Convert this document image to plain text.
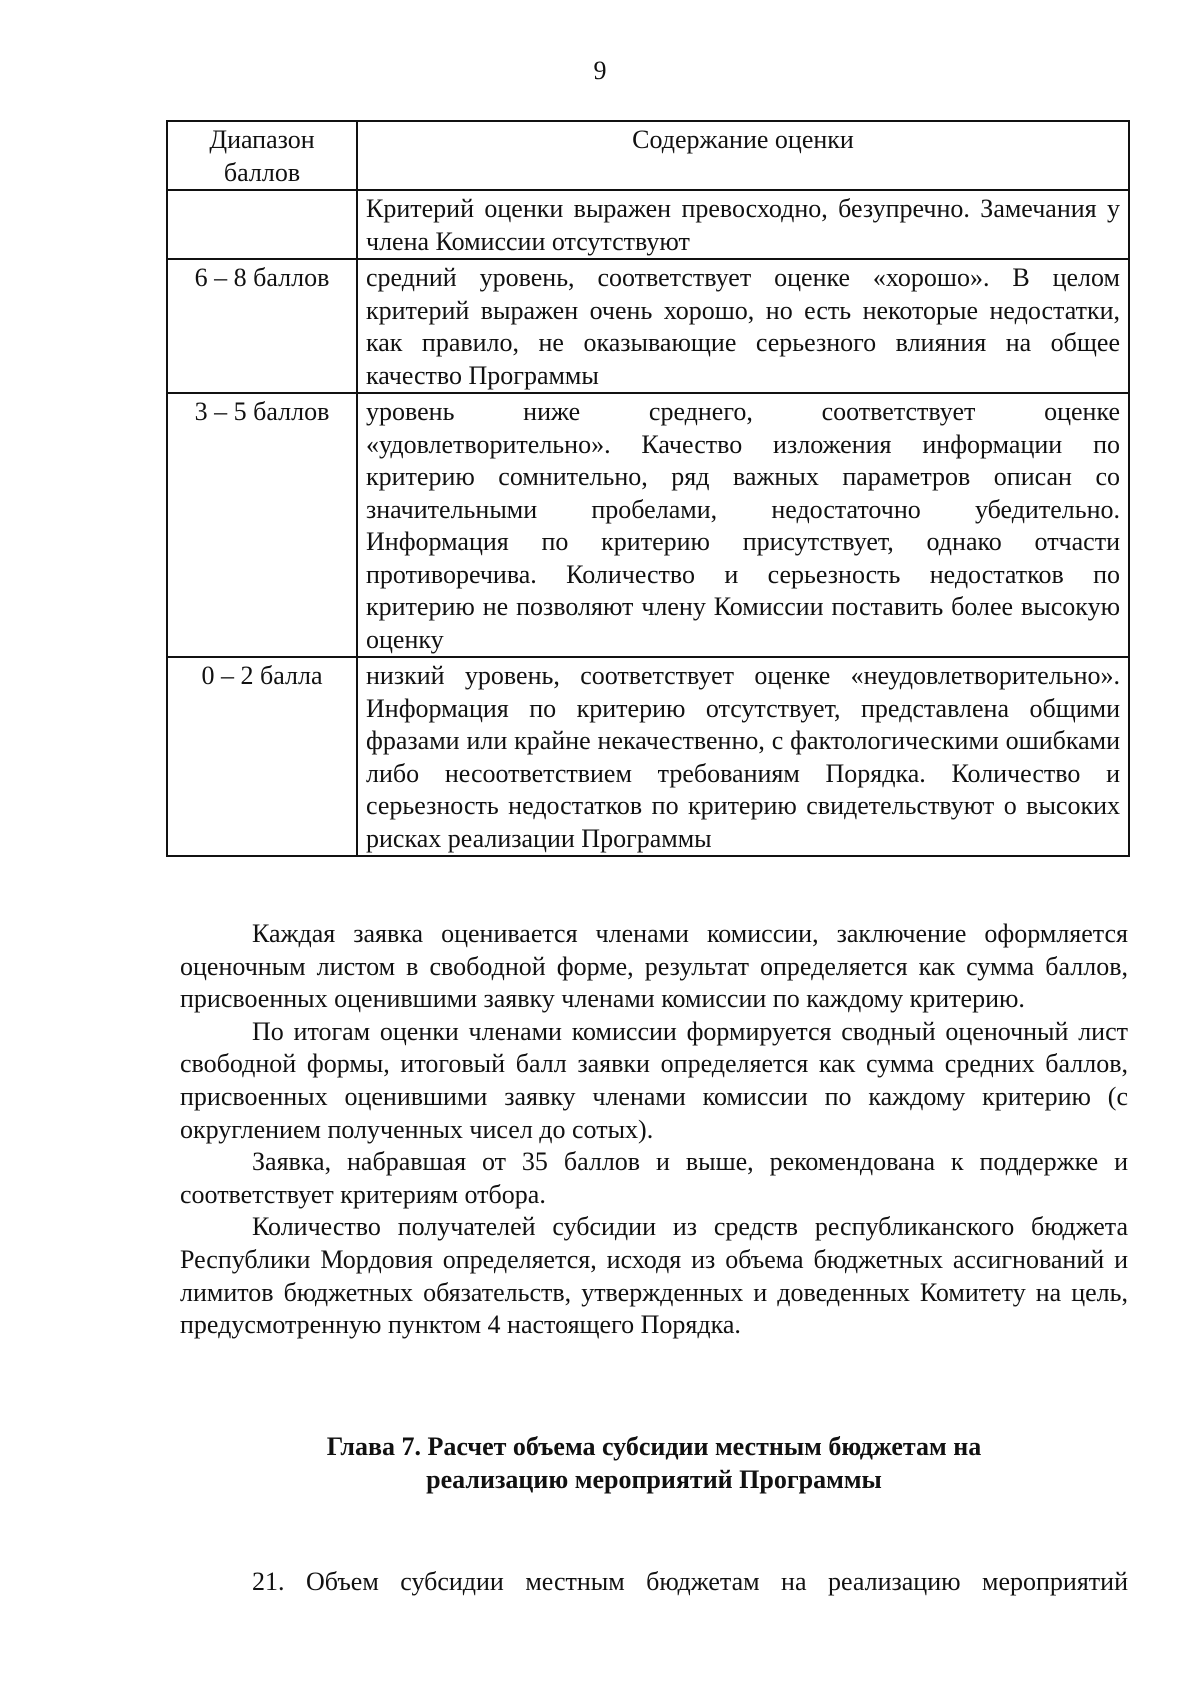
9
Диапазон баллов	Содержание оценки
	Критерий оценки выражен превосходно, безупречно. Замечания у члена Комиссии отсутствуют
6 – 8 баллов	средний уровень, соответствует оценке «хорошо». В целом критерий выражен очень хорошо, но есть некоторые недостатки, как правило, не оказывающие серьезного влияния на общее качество Программы
3 – 5 баллов	уровень ниже среднего, соответствует оценке «удовлетворительно». Качество изложения информации по критерию сомнительно, ряд важных параметров описан со значительными пробелами, недостаточно убедительно. Информация по критерию присутствует, однако отчасти противоречива. Количество и серьезность недостатков по критерию не позволяют члену Комиссии поставить более высокую оценку
0 – 2 балла	низкий уровень, соответствует оценке «неудовлетворительно». Информация по критерию отсутствует, представлена общими фразами или крайне некачественно, с фактологическими ошибками либо несоответствием требованиям Порядка. Количество и серьезность недостатков по критерию свидетельствуют о высоких рисках реализации Программы

Каждая заявка оценивается членами комиссии, заключение оформляется оценочным листом в свободной форме, результат определяется как сумма баллов, присвоенных оценившими заявку членами комиссии по каждому критерию.

По итогам оценки членами комиссии формируется сводный оценочный лист свободной формы, итоговый балл заявки определяется как сумма средних баллов, присвоенных оценившими заявку членами комиссии по каждому критерию (с округлением полученных чисел до сотых).

Заявка, набравшая от 35 баллов и выше, рекомендована к поддержке и соответствует критериям отбора.

Количество получателей субсидии из средств республиканского бюджета Республики Мордовия определяется, исходя из объема бюджетных ассигнований и лимитов бюджетных обязательств, утвержденных и доведенных Комитету на цель, предусмотренную пунктом 4 настоящего Порядка.

Глава 7. Расчет объема субсидии местным бюджетам на
реализацию мероприятий Программы

21. Объем субсидии местным бюджетам на реализацию мероприятий
